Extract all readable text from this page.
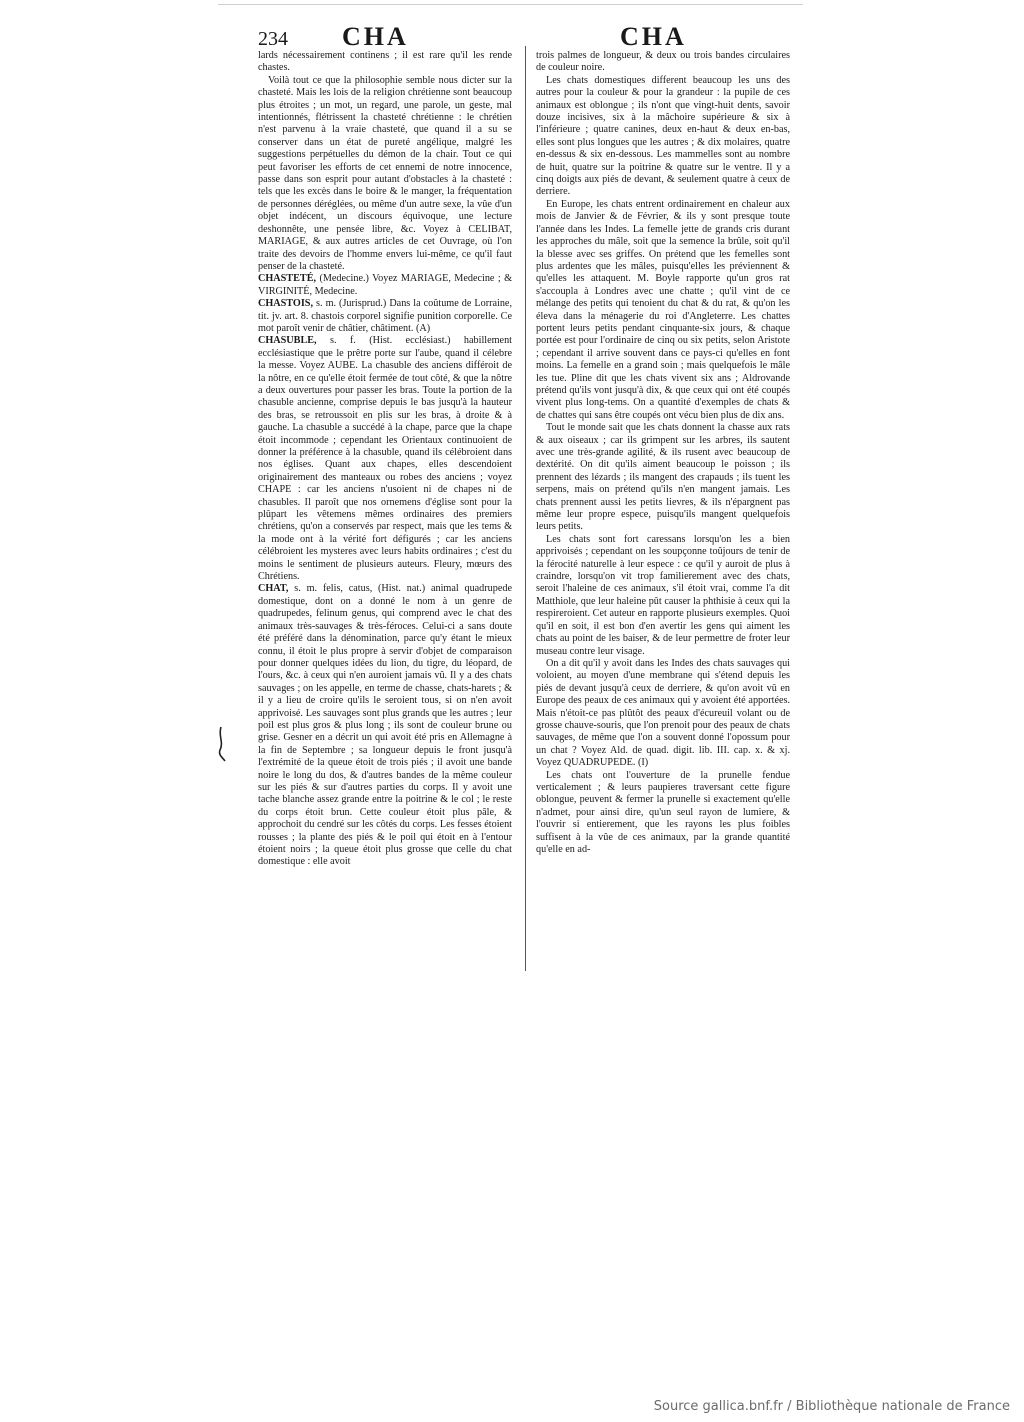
234 CHA	CHA

lards nécessairement continens ; il est rare qu'il les rende chastes.

Voilà tout ce que la philosophie semble nous dicter sur la chasteté. Mais les lois de la religion chrétienne sont beaucoup plus étroites ; un mot, un regard, une parole, un geste, mal intentionnés, flétrissent la chasteté chrétienne : le chrétien n'est parvenu à la vraie chasteté, que quand il a su se conserver dans un état de pureté angélique, malgré les suggestions perpétuelles du démon de la chair. Tout ce qui peut favoriser les efforts de cet ennemi de notre innocence, passe dans son esprit pour autant d'obstacles à la chasteté : tels que les excès dans le boire & le manger, la fréquentation de personnes déréglées, ou même d'un autre sexe, la vûe d'un objet indécent, un discours équivoque, une lecture deshonnête, une pensée libre, &c. Voyez à CELIBAT, MARIAGE, & aux autres articles de cet Ouvrage, où l'on traite des devoirs de l'homme envers lui-même, ce qu'il faut penser de la chasteté.

CHASTETÉ, (Medecine.) Voyez MARIAGE, Medecine ; & VIRGINITÉ, Medecine.

CHASTOIS, s. m. (Jurisprud.) Dans la coûtume de Lorraine, tit. jv. art. 8. chastois corporel signifie punition corporelle. Ce mot paroît venir de châtier, châtiment. (A)

CHASUBLE, s. f. (Hist. ecclésiast.) habillement ecclésiastique que le prêtre porte sur l'aube, quand il célebre la messe. Voyez AUBE. La chasuble des anciens différoit de la nôtre, en ce qu'elle étoit fermée de tout côté, & que la nôtre a deux ouvertures pour passer les bras. Toute la portion de la chasuble ancienne, comprise depuis le bas jusqu'à la hauteur des bras, se retroussoit en plis sur les bras, à droite & à gauche. La chasuble a succédé à la chape, parce que la chape étoit incommode ; cependant les Orientaux continuoient de donner la préférence à la chasuble, quand ils célébroient dans nos églises. Quant aux chapes, elles descendoient originairement des manteaux ou robes des anciens ; voyez CHAPE : car les anciens n'usoient ni de chapes ni de chasubles. Il paroît que nos ornemens d'église sont pour la plûpart les vêtemens mêmes ordinaires des premiers chrétiens, qu'on a conservés par respect, mais que les tems & la mode ont à la vérité fort défigurés ; car les anciens célébroient les mysteres avec leurs habits ordinaires ; c'est du moins le sentiment de plusieurs auteurs. Fleury, mœurs des Chrétiens.

CHAT, s. m. felis, catus, (Hist. nat.) animal quadrupede domestique, dont on a donné le nom à un genre de quadrupedes, felinum genus, qui comprend avec le chat des animaux très-sauvages & très-féroces. Celui-ci a sans doute été préféré dans la dénomination, parce qu'y étant le mieux connu, il étoit le plus propre à servir d'objet de comparaison pour donner quelques idées du lion, du tigre, du léopard, de l'ours, &c. à ceux qui n'en auroient jamais vû. Il y a des chats sauvages ; on les appelle, en terme de chasse, chats-harets ; & il y a lieu de croire qu'ils le seroient tous, si on n'en avoit apprivoisé. Les sauvages sont plus grands que les autres ; leur poil est plus gros & plus long ; ils sont de couleur brune ou grise. Gesner en a décrit un qui avoit été pris en Allemagne à la fin de Septembre ; sa longueur depuis le front jusqu'à l'extrémité de la queue étoit de trois piés ; il avoit une bande noire le long du dos, & d'autres bandes de la même couleur sur les piés & sur d'autres parties du corps. Il y avoit une tache blanche assez grande entre la poitrine & le col ; le reste du corps étoit brun. Cette couleur étoit plus pâle, & approchoit du cendré sur les côtés du corps. Les fesses étoient rousses ; la plante des piés & le poil qui étoit en à l'entour étoient noirs ; la queue étoit plus grosse que celle du chat domestique : elle avoit

trois palmes de longueur, & deux ou trois bandes circulaires de couleur noire.

Les chats domestiques different beaucoup les uns des autres pour la couleur & pour la grandeur : la pupile de ces animaux est oblongue ; ils n'ont que vingt-huit dents, savoir douze incisives, six à la mâchoire supérieure & six à l'inférieure ; quatre canines, deux en-haut & deux en-bas, elles sont plus longues que les autres ; & dix molaires, quatre en-dessus & six en-dessous. Les mammelles sont au nombre de huit, quatre sur la poitrine & quatre sur le ventre. Il y a cinq doigts aux piés de devant, & seulement quatre à ceux de derriere.

En Europe, les chats entrent ordinairement en chaleur aux mois de Janvier & de Février, & ils y sont presque toute l'année dans les Indes. La femelle jette de grands cris durant les approches du mâle, soit que la semence la brûle, soit qu'il la blesse avec ses griffes. On prétend que les femelles sont plus ardentes que les mâles, puisqu'elles les préviennent & qu'elles les attaquent. M. Boyle rapporte qu'un gros rat s'accoupla à Londres avec une chatte ; qu'il vint de ce mélange des petits qui tenoient du chat & du rat, & qu'on les éleva dans la ménagerie du roi d'Angleterre. Les chattes portent leurs petits pendant cinquante-six jours, & chaque portée est pour l'ordinaire de cinq ou six petits, selon Aristote ; cependant il arrive souvent dans ce pays-ci qu'elles en font moins. La femelle en a grand soin ; mais quelquefois le mâle les tue. Pline dit que les chats vivent six ans ; Aldrovande prétend qu'ils vont jusqu'à dix, & que ceux qui ont été coupés vivent plus long-tems. On a quantité d'exemples de chats & de chattes qui sans être coupés ont vécu bien plus de dix ans.

Tout le monde sait que les chats donnent la chasse aux rats & aux oiseaux ; car ils grimpent sur les arbres, ils sautent avec une très-grande agilité, & ils rusent avec beaucoup de dextérité. On dit qu'ils aiment beaucoup le poisson ; ils prennent des lézards ; ils mangent des crapauds ; ils tuent les serpens, mais on prétend qu'ils n'en mangent jamais. Les chats prennent aussi les petits lievres, & ils n'épargnent pas même leur propre espece, puisqu'ils mangent quelquefois leurs petits.

Les chats sont fort caressans lorsqu'on les a bien apprivoisés ; cependant on les soupçonne toûjours de tenir de la férocité naturelle à leur espece : ce qu'il y auroit de plus à craindre, lorsqu'on vit trop familierement avec des chats, seroit l'haleine de ces animaux, s'il étoit vrai, comme l'a dit Matthiole, que leur haleine pût causer la phthisie à ceux qui la respireroient. Cet auteur en rapporte plusieurs exemples. Quoi qu'il en soit, il est bon d'en avertir les gens qui aiment les chats au point de les baiser, & de leur permettre de froter leur museau contre leur visage.

On a dit qu'il y avoit dans les Indes des chats sauvages qui voloient, au moyen d'une membrane qui s'étend depuis les piés de devant jusqu'à ceux de derriere, & qu'on avoit vû en Europe des peaux de ces animaux qui y avoient été apportées. Mais n'étoit-ce pas plûtôt des peaux d'écureuil volant ou de grosse chauve-souris, que l'on prenoit pour des peaux de chats sauvages, de même que l'on a souvent donné l'opossum pour un chat ? Voyez Ald. de quad. digit. lib. III. cap. x. & xj. Voyez QUADRUPEDE. (I)

Les chats ont l'ouverture de la prunelle fendue verticalement ; & leurs paupieres traversant cette figure oblongue, peuvent & fermer la prunelle si exactement qu'elle n'admet, pour ainsi dire, qu'un seul rayon de lumiere, & l'ouvrir si entierement, que les rayons les plus foibles suffisent à la vûe de ces animaux, par la grande quantité qu'elle en ad-

Source gallica.bnf.fr / Bibliothèque nationale de France
